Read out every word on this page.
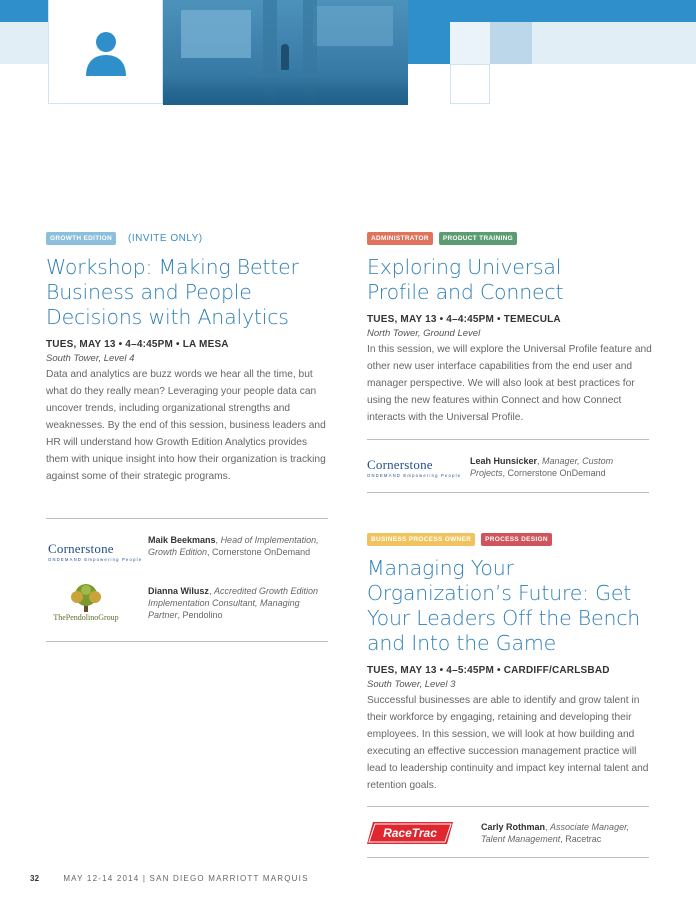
GROWTH EDITION	(INVITE ONLY)
Workshop: Making Better
Business and People
Decisions with Analytics
TUES, MAY 13 • 4–4:45PM • LA MESA
South Tower, Level 4
Data and analytics are buzz words we hear all the time, but what do they really mean? Leveraging your people data can uncover trends, including organizational strengths and weaknesses. By the end of this session, business leaders and HR will understand how Growth Edition Analytics provides them with unique insight into how their organization is tracking against some of their strategic programs.
Cornerstone
ONDEMAND Empowering People
Maik Beekmans, Head of Implementation, Growth Edition, Cornerstone OnDemand
ThePendolinoGroup
Dianna Wilusz, Accredited Growth Edition Implementation Consultant, Managing Partner, Pendolino
ADMINISTRATOR	PRODUCT TRAINING
Exploring Universal
Profile and Connect
TUES, MAY 13 • 4–4:45PM • TEMECULA
North Tower, Ground Level
In this session, we will explore the Universal Profile feature and other new user interface capabilities from the end user and manager perspective. We will also look at best practices for using the new features within Connect and how Connect interacts with the Universal Profile.
Cornerstone
ONDEMAND Empowering People
Leah Hunsicker, Manager, Custom Projects, Cornerstone OnDemand
BUSINESS PROCESS OWNER	PROCESS DESIGN
Managing Your
Organization’s Future: Get
Your Leaders Off the Bench
and Into the Game
TUES, MAY 13 • 4–5:45PM • CARDIFF/CARLSBAD
South Tower, Level 3
Successful businesses are able to identify and grow talent in their workforce by engaging, retaining and developing their employees. In this session, we will look at how building and executing an effective succession management practice will lead to leadership continuity and impact key internal talent and retention goals.
RaceTrac	Carly Rothman, Associate Manager, Talent Management, Racetrac
32	MAY 12-14 2014 | SAN DIEGO MARRIOTT MARQUIS
